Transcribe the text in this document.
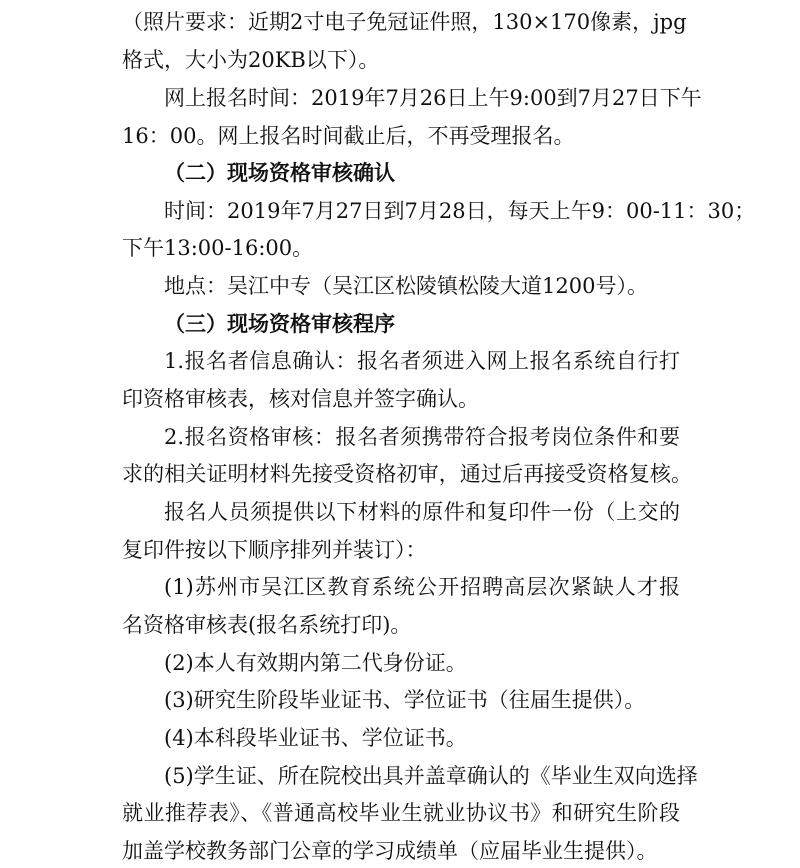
（照片要求：近期2寸电子免冠证件照，130×170像素，jpg
格式，大小为20KB以下）。
网上报名时间：2019年7月26日上午9:00到7月27日下午
16：00。网上报名时间截止后，不再受理报名。
（二）现场资格审核确认
时间：2019年7月27日到7月28日，每天上午9：00-11：30；
下午13:00-16:00。
地点：吴江中专（吴江区松陵镇松陵大道1200号）。
（三）现场资格审核程序
1.报名者信息确认：报名者须进入网上报名系统自行打
印资格审核表，核对信息并签字确认。
2.报名资格审核：报名者须携带符合报考岗位条件和要
求的相关证明材料先接受资格初审，通过后再接受资格复核。
报名人员须提供以下材料的原件和复印件一份（上交的
复印件按以下顺序排列并装订）：
(1)苏州市吴江区教育系统公开招聘高层次紧缺人才报
名资格审核表(报名系统打印)。
(2)本人有效期内第二代身份证。
(3)研究生阶段毕业证书、学位证书（往届生提供）。
(4)本科段毕业证书、学位证书。
(5)学生证、所在院校出具并盖章确认的《毕业生双向选择
就业推荐表》、《普通高校毕业生就业协议书》和研究生阶段
加盖学校教务部门公章的学习成绩单（应届毕业生提供）。
